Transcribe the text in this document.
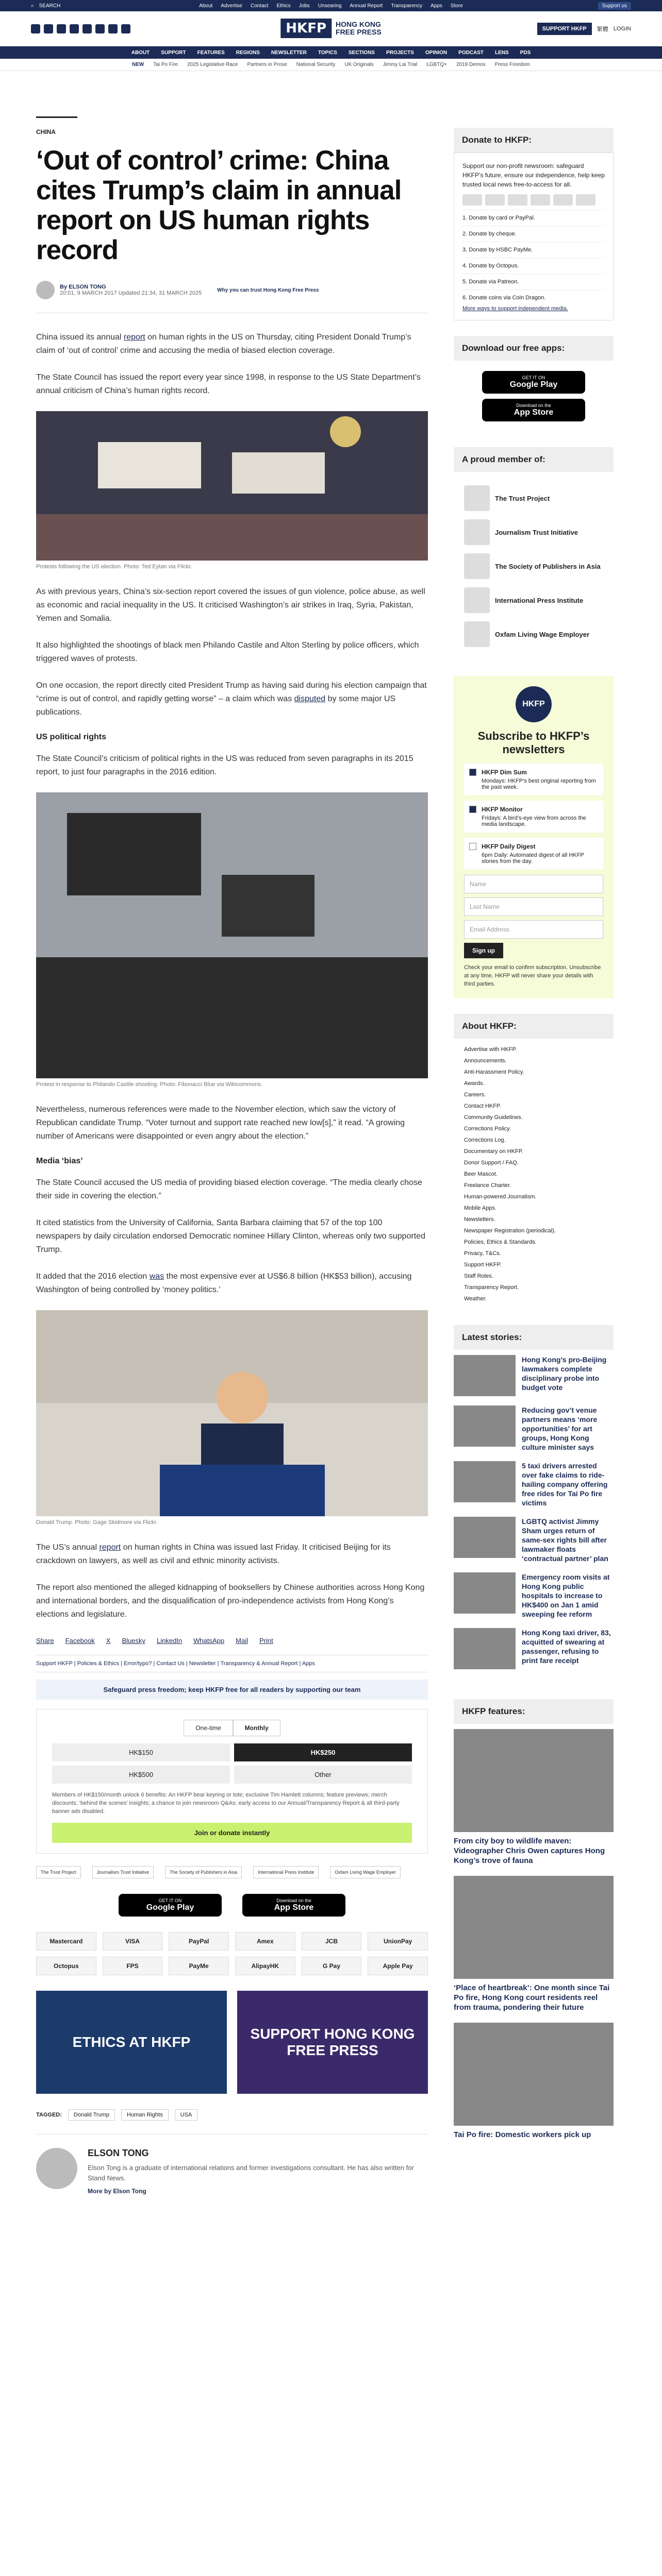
⌕ SEARCH	About Advertise Contact Ethics Jobs Unsearing Annual Report Transparency Apps Store	Support us
HKFP	HONG KONG
FREE PRESS	SUPPORT HKFP	繁體 LOGIN
ABOUT SUPPORT FEATURES REGIONS NEWSLETTER TOPICS SECTIONS PROJECTS OPINION PODCAST LENS PDS
NEW Tai Po Fire 2025 Legislative Race Partners in Prose National Security UK Originals Jimmy Lai Trial LGBTQ+ 2019 Demos Press Freedom
CHINA
‘Out of control’ crime: China cites Trump’s claim in annual report on US human rights record
By ELSON TONG
20:01, 9 MARCH 2017 Updated 21:34, 31 MARCH 2025	Why you can trust Hong Kong Free Press

China issued its annual report on human rights in the US on Thursday, citing President Donald Trump’s claim of ‘out of control’ crime and accusing the media of biased election coverage.

The State Council has issued the report every year since 1998, in response to the US State Department’s annual criticism of China’s human rights record.

Protests following the US election. Photo: Ted Eytan via Flickr.

As with previous years, China’s six-section report covered the issues of gun violence, police abuse, as well as economic and racial inequality in the US. It criticised Washington’s air strikes in Iraq, Syria, Pakistan, Yemen and Somalia.

It also highlighted the shootings of black men Philando Castile and Alton Sterling by police officers, which triggered waves of protests.

On one occasion, the report directly cited President Trump as having said during his election campaign that “crime is out of control, and rapidly getting worse” – a claim which was disputed by some major US publications.

US political rights

The State Council’s criticism of political rights in the US was reduced from seven paragraphs in its 2015 report, to just four paragraphs in the 2016 edition.

Protest in response to Philando Castile shooting. Photo: Fibonacci Blue via Wikicommons.

Nevertheless, numerous references were made to the November election, which saw the victory of Republican candidate Trump. “Voter turnout and support rate reached new low[s],” it read. “A growing number of Americans were disappointed or even angry about the election.”

Media ‘bias’

The State Council accused the US media of providing biased election coverage. “The media clearly chose their side in covering the election.”

It cited statistics from the University of California, Santa Barbara claiming that 57 of the top 100 newspapers by daily circulation endorsed Democratic nominee Hillary Clinton, whereas only two supported Trump.

It added that the 2016 election was the most expensive ever at US$6.8 billion (HK$53 billion), accusing Washington of being controlled by ‘money politics.’

Donald Trump. Photo: Gage Skidmore via Flickr.

The US’s annual report on human rights in China was issued last Friday. It criticised Beijing for its crackdown on lawyers, as well as civil and ethnic minority activists.

The report also mentioned the alleged kidnapping of booksellers by Chinese authorities across Hong Kong and international borders, and the disqualification of pro-independence activists from Hong Kong’s elections and legislature.

Share Facebook X Bluesky LinkedIn WhatsApp Mail Print
Support HKFP | Policies & Ethics | Error/typo? | Contact Us | Newsletter | Transparency & Annual Report | Apps
Safeguard press freedom; keep HKFP free for all readers by supporting our team
One-time	Monthly
HK$150	HK$250
HK$500	Other

Members of HK$150/month unlock 6 benefits: An HKFP bear keyring or tote; exclusive Tim Hamlett columns; feature previews; merch discounts; ‘behind the scenes’ insights; a chance to join newsroom Q&As; early access to our Annual/Transparency Report & all third-party banner ads disabled.

Join or donate instantly
The Trust Project	Journalism Trust Initiative	The Society of Publishers in Asia	International Press Institute	Oxfam Living Wage Employer
GET IT ON
Google Play
Download on the
App Store
Mastercard	VISA	PayPal	Amex	JCB	UnionPay
Octopus	FPS	PayMe	AlipayHK	G Pay	Apple Pay
ETHICS AT HKFP
SUPPORT HONG KONG FREE PRESS
TAGGED:	Donald Trump	Human Rights	USA
ELSON TONG

Elson Tong is a graduate of international relations and former investigations consultant. He has also written for Stand News.

More by Elson Tong
Donate to HKFP:

Support our non-profit newsroom: safeguard HKFP’s future, ensure our independence, help keep trusted local news free-to-access for all.

1. Donate by card or PayPal.
2. Donate by cheque.
3. Donate by HSBC PayMe.
4. Donate by Octopus.
5. Donate via Patreon.
6. Donate coins via Coin Dragon.
More ways to support independent media.
Download our free apps:
GET IT ON
Google Play
Download on the
App Store
A proud member of:
The Trust Project
Journalism Trust Initiative
The Society of Publishers in Asia
International Press Institute
Oxfam Living Wage Employer
HKFP
Subscribe to HKFP’s newsletters
HKFP Dim Sum
Mondays: HKFP’s best original reporting from the past week.
HKFP Monitor
Fridays: A bird’s-eye view from across the media landscape.
HKFP Daily Digest
6pm Daily: Automated digest of all HKFP stories from the day.
Name
Last Name
Email Address
Sign up

Check your email to confirm subscription. Unsubscribe at any time. HKFP will never share your details with third parties.

About HKFP:
Advertise with HKFP.
Announcements.
Anti-Harassment Policy.
Awards.
Careers.
Contact HKFP.
Community Guidelines.
Corrections Policy.
Corrections Log.
Documentary on HKFP.
Donor Support / FAQ.
Beer Mascot.
Freelance Charter.
Human-powered Journalism.
Mobile Apps.
Newsletters.
Newspaper Registration (periodical).
Policies, Ethics & Standards.
Privacy, T&Cs.
Support HKFP.
Staff Roles.
Transparency Report.
Weather.
Latest stories:

Hong Kong’s pro-Beijing lawmakers complete disciplinary probe into budget vote

Reducing gov’t venue partners means ‘more opportunities’ for art groups, Hong Kong culture minister says

5 taxi drivers arrested over fake claims to ride-hailing company offering free rides for Tai Po fire victims

LGBTQ activist Jimmy Sham urges return of same-sex rights bill after lawmaker floats ‘contractual partner’ plan

Emergency room visits at Hong Kong public hospitals to increase to HK$400 on Jan 1 amid sweeping fee reform

Hong Kong taxi driver, 83, acquitted of swearing at passenger, refusing to print fare receipt

HKFP features:

From city boy to wildlife maven: Videographer Chris Owen captures Hong Kong’s trove of fauna

‘Place of heartbreak’: One month since Tai Po fire, Hong Kong court residents reel from trauma, pondering their future

Tai Po fire: Domestic workers pick up
